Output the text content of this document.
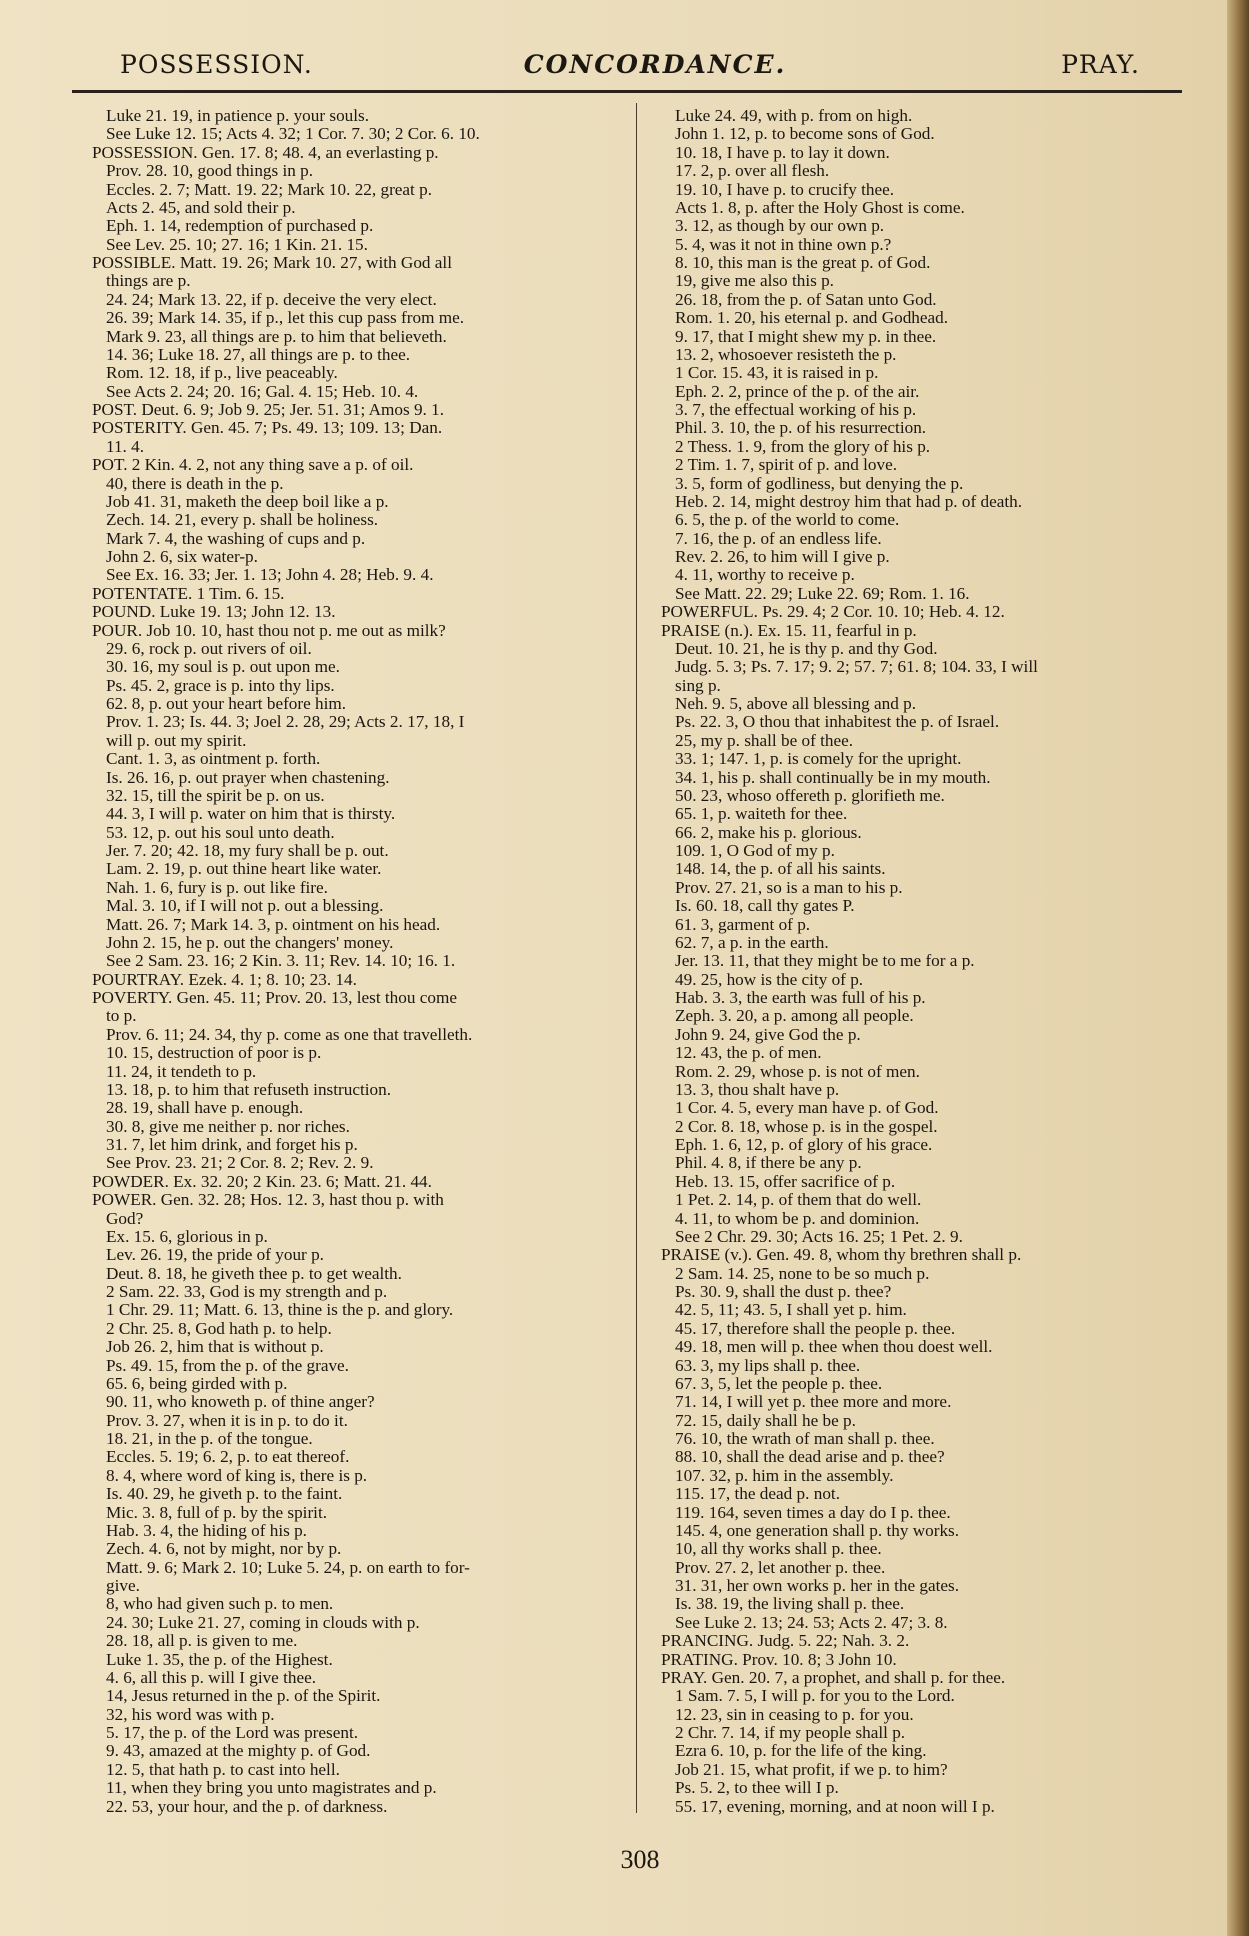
POSSESSION.	CONCORDANCE.	PRAY.
Luke 21. 19, in patience p. your souls.
See Luke 12. 15; Acts 4. 32; 1 Cor. 7. 30; 2 Cor. 6. 10.
POSSESSION. Gen. 17. 8; 48. 4, an everlasting p.
Prov. 28. 10, good things in p.
Eccles. 2. 7; Matt. 19. 22; Mark 10. 22, great p.
Acts 2. 45, and sold their p.
Eph. 1. 14, redemption of purchased p.
See Lev. 25. 10; 27. 16; 1 Kin. 21. 15.
POSSIBLE. Matt. 19. 26; Mark 10. 27, with God all
things are p.
24. 24; Mark 13. 22, if p. deceive the very elect.
26. 39; Mark 14. 35, if p., let this cup pass from me.
Mark 9. 23, all things are p. to him that believeth.
14. 36; Luke 18. 27, all things are p. to thee.
Rom. 12. 18, if p., live peaceably.
See Acts 2. 24; 20. 16; Gal. 4. 15; Heb. 10. 4.
POST. Deut. 6. 9; Job 9. 25; Jer. 51. 31; Amos 9. 1.
POSTERITY. Gen. 45. 7; Ps. 49. 13; 109. 13; Dan.
11. 4.
POT. 2 Kin. 4. 2, not any thing save a p. of oil.
40, there is death in the p.
Job 41. 31, maketh the deep boil like a p.
Zech. 14. 21, every p. shall be holiness.
Mark 7. 4, the washing of cups and p.
John 2. 6, six water-p.
See Ex. 16. 33; Jer. 1. 13; John 4. 28; Heb. 9. 4.
POTENTATE. 1 Tim. 6. 15.
POUND. Luke 19. 13; John 12. 13.
POUR. Job 10. 10, hast thou not p. me out as milk?
29. 6, rock p. out rivers of oil.
30. 16, my soul is p. out upon me.
Ps. 45. 2, grace is p. into thy lips.
62. 8, p. out your heart before him.
Prov. 1. 23; Is. 44. 3; Joel 2. 28, 29; Acts 2. 17, 18, I
will p. out my spirit.
Cant. 1. 3, as ointment p. forth.
Is. 26. 16, p. out prayer when chastening.
32. 15, till the spirit be p. on us.
44. 3, I will p. water on him that is thirsty.
53. 12, p. out his soul unto death.
Jer. 7. 20; 42. 18, my fury shall be p. out.
Lam. 2. 19, p. out thine heart like water.
Nah. 1. 6, fury is p. out like fire.
Mal. 3. 10, if I will not p. out a blessing.
Matt. 26. 7; Mark 14. 3, p. ointment on his head.
John 2. 15, he p. out the changers' money.
See 2 Sam. 23. 16; 2 Kin. 3. 11; Rev. 14. 10; 16. 1.
POURTRAY. Ezek. 4. 1; 8. 10; 23. 14.
POVERTY. Gen. 45. 11; Prov. 20. 13, lest thou come
to p.
Prov. 6. 11; 24. 34, thy p. come as one that travelleth.
10. 15, destruction of poor is p.
11. 24, it tendeth to p.
13. 18, p. to him that refuseth instruction.
28. 19, shall have p. enough.
30. 8, give me neither p. nor riches.
31. 7, let him drink, and forget his p.
See Prov. 23. 21; 2 Cor. 8. 2; Rev. 2. 9.
POWDER. Ex. 32. 20; 2 Kin. 23. 6; Matt. 21. 44.
POWER. Gen. 32. 28; Hos. 12. 3, hast thou p. with
God?
Ex. 15. 6, glorious in p.
Lev. 26. 19, the pride of your p.
Deut. 8. 18, he giveth thee p. to get wealth.
2 Sam. 22. 33, God is my strength and p.
1 Chr. 29. 11; Matt. 6. 13, thine is the p. and glory.
2 Chr. 25. 8, God hath p. to help.
Job 26. 2, him that is without p.
Ps. 49. 15, from the p. of the grave.
65. 6, being girded with p.
90. 11, who knoweth p. of thine anger?
Prov. 3. 27, when it is in p. to do it.
18. 21, in the p. of the tongue.
Eccles. 5. 19; 6. 2, p. to eat thereof.
8. 4, where word of king is, there is p.
Is. 40. 29, he giveth p. to the faint.
Mic. 3. 8, full of p. by the spirit.
Hab. 3. 4, the hiding of his p.
Zech. 4. 6, not by might, nor by p.
Matt. 9. 6; Mark 2. 10; Luke 5. 24, p. on earth to for-
give.
8, who had given such p. to men.
24. 30; Luke 21. 27, coming in clouds with p.
28. 18, all p. is given to me.
Luke 1. 35, the p. of the Highest.
4. 6, all this p. will I give thee.
14, Jesus returned in the p. of the Spirit.
32, his word was with p.
5. 17, the p. of the Lord was present.
9. 43, amazed at the mighty p. of God.
12. 5, that hath p. to cast into hell.
11, when they bring you unto magistrates and p.
22. 53, your hour, and the p. of darkness.
Luke 24. 49, with p. from on high.
John 1. 12, p. to become sons of God.
10. 18, I have p. to lay it down.
17. 2, p. over all flesh.
19. 10, I have p. to crucify thee.
Acts 1. 8, p. after the Holy Ghost is come.
3. 12, as though by our own p.
5. 4, was it not in thine own p.?
8. 10, this man is the great p. of God.
19, give me also this p.
26. 18, from the p. of Satan unto God.
Rom. 1. 20, his eternal p. and Godhead.
9. 17, that I might shew my p. in thee.
13. 2, whosoever resisteth the p.
1 Cor. 15. 43, it is raised in p.
Eph. 2. 2, prince of the p. of the air.
3. 7, the effectual working of his p.
Phil. 3. 10, the p. of his resurrection.
2 Thess. 1. 9, from the glory of his p.
2 Tim. 1. 7, spirit of p. and love.
3. 5, form of godliness, but denying the p.
Heb. 2. 14, might destroy him that had p. of death.
6. 5, the p. of the world to come.
7. 16, the p. of an endless life.
Rev. 2. 26, to him will I give p.
4. 11, worthy to receive p.
See Matt. 22. 29; Luke 22. 69; Rom. 1. 16.
POWERFUL. Ps. 29. 4; 2 Cor. 10. 10; Heb. 4. 12.
PRAISE (n.). Ex. 15. 11, fearful in p.
Deut. 10. 21, he is thy p. and thy God.
Judg. 5. 3; Ps. 7. 17; 9. 2; 57. 7; 61. 8; 104. 33, I will
sing p.
Neh. 9. 5, above all blessing and p.
Ps. 22. 3, O thou that inhabitest the p. of Israel.
25, my p. shall be of thee.
33. 1; 147. 1, p. is comely for the upright.
34. 1, his p. shall continually be in my mouth.
50. 23, whoso offereth p. glorifieth me.
65. 1, p. waiteth for thee.
66. 2, make his p. glorious.
109. 1, O God of my p.
148. 14, the p. of all his saints.
Prov. 27. 21, so is a man to his p.
Is. 60. 18, call thy gates P.
61. 3, garment of p.
62. 7, a p. in the earth.
Jer. 13. 11, that they might be to me for a p.
49. 25, how is the city of p.
Hab. 3. 3, the earth was full of his p.
Zeph. 3. 20, a p. among all people.
John 9. 24, give God the p.
12. 43, the p. of men.
Rom. 2. 29, whose p. is not of men.
13. 3, thou shalt have p.
1 Cor. 4. 5, every man have p. of God.
2 Cor. 8. 18, whose p. is in the gospel.
Eph. 1. 6, 12, p. of glory of his grace.
Phil. 4. 8, if there be any p.
Heb. 13. 15, offer sacrifice of p.
1 Pet. 2. 14, p. of them that do well.
4. 11, to whom be p. and dominion.
See 2 Chr. 29. 30; Acts 16. 25; 1 Pet. 2. 9.
PRAISE (v.). Gen. 49. 8, whom thy brethren shall p.
2 Sam. 14. 25, none to be so much p.
Ps. 30. 9, shall the dust p. thee?
42. 5, 11; 43. 5, I shall yet p. him.
45. 17, therefore shall the people p. thee.
49. 18, men will p. thee when thou doest well.
63. 3, my lips shall p. thee.
67. 3, 5, let the people p. thee.
71. 14, I will yet p. thee more and more.
72. 15, daily shall he be p.
76. 10, the wrath of man shall p. thee.
88. 10, shall the dead arise and p. thee?
107. 32, p. him in the assembly.
115. 17, the dead p. not.
119. 164, seven times a day do I p. thee.
145. 4, one generation shall p. thy works.
10, all thy works shall p. thee.
Prov. 27. 2, let another p. thee.
31. 31, her own works p. her in the gates.
Is. 38. 19, the living shall p. thee.
See Luke 2. 13; 24. 53; Acts 2. 47; 3. 8.
PRANCING. Judg. 5. 22; Nah. 3. 2.
PRATING. Prov. 10. 8; 3 John 10.
PRAY. Gen. 20. 7, a prophet, and shall p. for thee.
1 Sam. 7. 5, I will p. for you to the Lord.
12. 23, sin in ceasing to p. for you.
2 Chr. 7. 14, if my people shall p.
Ezra 6. 10, p. for the life of the king.
Job 21. 15, what profit, if we p. to him?
Ps. 5. 2, to thee will I p.
55. 17, evening, morning, and at noon will I p.
308
